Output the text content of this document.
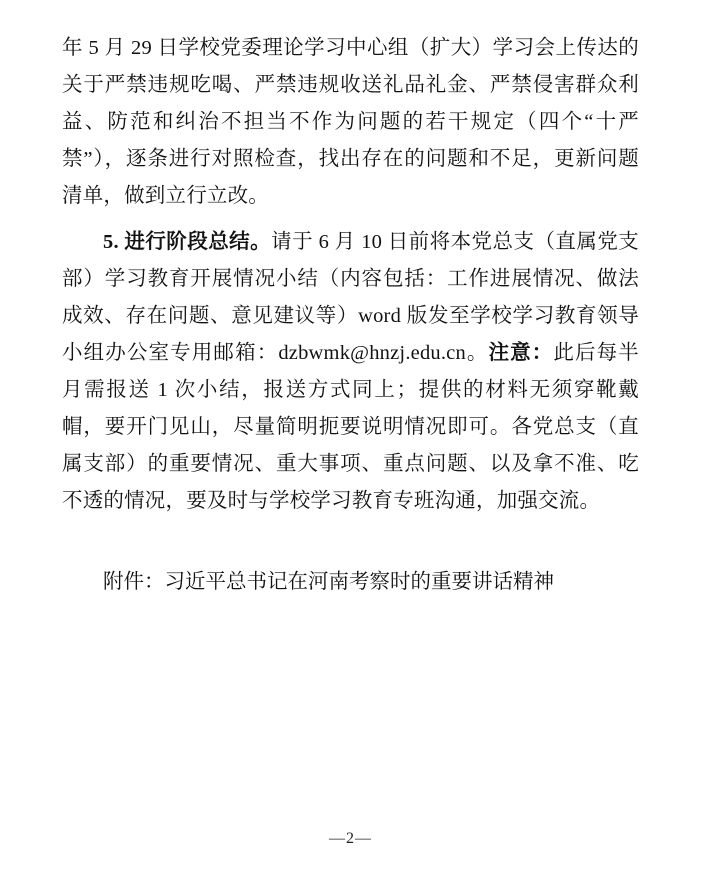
年 5 月 29 日学校党委理论学习中心组（扩大）学习会上传达的关于严禁违规吃喝、严禁违规收送礼品礼金、严禁侵害群众利益、防范和纠治不担当不作为问题的若干规定（四个“十严禁”），逐条进行对照检查，找出存在的问题和不足，更新问题清单，做到立行立改。

5. 进行阶段总结。请于 6 月 10 日前将本党总支（直属党支部）学习教育开展情况小结（内容包括：工作进展情况、做法成效、存在问题、意见建议等）word 版发至学校学习教育领导小组办公室专用邮箱：dzbwmk@hnzj.edu.cn。注意：此后每半月需报送 1 次小结，报送方式同上；提供的材料无须穿靴戴帽，要开门见山，尽量简明扼要说明情况即可。各党总支（直属支部）的重要情况、重大事项、重点问题、以及拿不准、吃不透的情况，要及时与学校学习教育专班沟通，加强交流。

附件：习近平总书记在河南考察时的重要讲话精神

—2—
